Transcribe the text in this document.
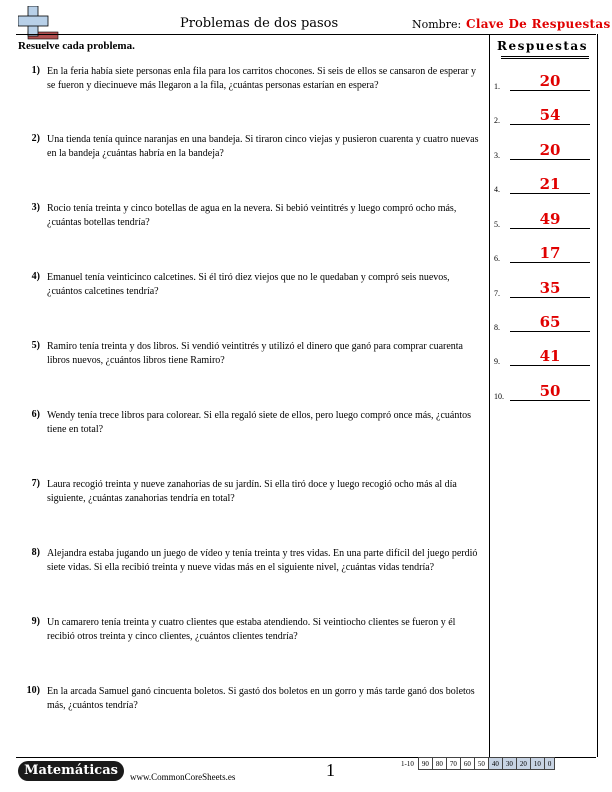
Problemas de dos pasos	Nombre: Clave De Respuestas
Resuelve cada problema.	Respuestas
1.	20
2.	54
3.	20
4.	21
5.	49
6.	17
7.	35
8.	65
9.	41
10.	50
1) En la feria había siete personas enla fila para los carritos chocones. Si seis de ellos se cansaron de esperar y se fueron y diecinueve más llegaron a la fila, ¿cuántas personas estarían en espera?
2) Una tienda tenía quince naranjas en una bandeja. Si tiraron cinco viejas y pusieron cuarenta y cuatro nuevas en la bandeja ¿cuántas habría en la bandeja?
3) Rocio tenía treinta y cinco botellas de agua en la nevera. Si bebió veintitrés y luego compró ocho más, ¿cuántas botellas tendría?
4) Emanuel tenía veinticinco calcetines. Si él tiró diez viejos que no le quedaban y compró seis nuevos, ¿cuántos calcetines tendría?
5) Ramiro tenía treinta y dos libros. Si vendió veintitrés y utilizó el dinero que ganó para comprar cuarenta libros nuevos, ¿cuántos libros tiene Ramiro?
6) Wendy tenía trece libros para colorear. Si ella regaló siete de ellos, pero luego compró once más, ¿cuántos tiene en total?
7) Laura recogió treinta y nueve zanahorias de su jardín. Si ella tiró doce y luego recogió ocho más al día siguiente, ¿cuántas zanahorias tendría en total?
8) Alejandra estaba jugando un juego de vídeo y tenía treinta y tres vidas. En una parte difícil del juego perdió siete vidas. Si ella recibió treinta y nueve vidas más en el siguiente nivel, ¿cuántas vidas tendría?
9) Un camarero tenía treinta y cuatro clientes que estaba atendiendo. Si veintiocho clientes se fueron y él recibió otros treinta y cinco clientes, ¿cuántos clientes tendría?
10) En la arcada Samuel ganó cincuenta boletos. Si gastó dos boletos en un gorro y más tarde ganó dos boletos más, ¿cuántos tendría?
Matemáticas	www.CommonCoreSheets.es	1	1-10	90	80	70	60	50	40	30	20	10	0
